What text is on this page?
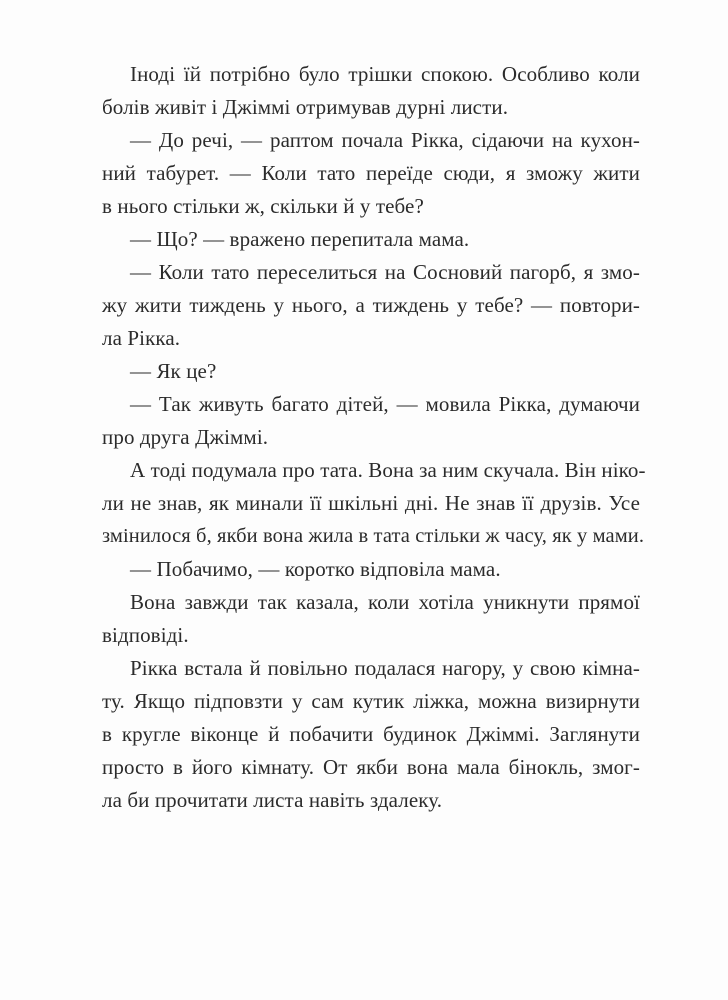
Іноді їй потрібно було трішки спокою. Особливо коли
болів живіт і Джіммі отримував дурні листи.
— До речі, — раптом почала Рікка, сідаючи на кухон-
ний табурет. — Коли тато переїде сюди, я зможу жити
в нього стільки ж, скільки й у тебе?
— Що? — вражено перепитала мама.
— Коли тато переселиться на Сосновий пагорб, я змо-
жу жити тиждень у нього, а тиждень у тебе? — повтори-
ла Рікка.
— Як це?
— Так живуть багато дітей, — мовила Рікка, думаючи
про друга Джіммі.
А тоді подумала про тата. Вона за ним скучала. Він ніко-
ли не знав, як минали її шкільні дні. Не знав її друзів. Усе
змінилося б, якби вона жила в тата стільки ж часу, як у мами.
— Побачимо, — коротко відповіла мама.
Вона завжди так казала, коли хотіла уникнути прямої
відповіді.
Рікка встала й повільно подалася нагору, у свою кімна-
ту. Якщо підповзти у сам кутик ліжка, можна визирнути
в кругле віконце й побачити будинок Джіммі. Заглянути
просто в його кімнату. От якби вона мала бінокль, змог-
ла би прочитати листа навіть здалеку.
